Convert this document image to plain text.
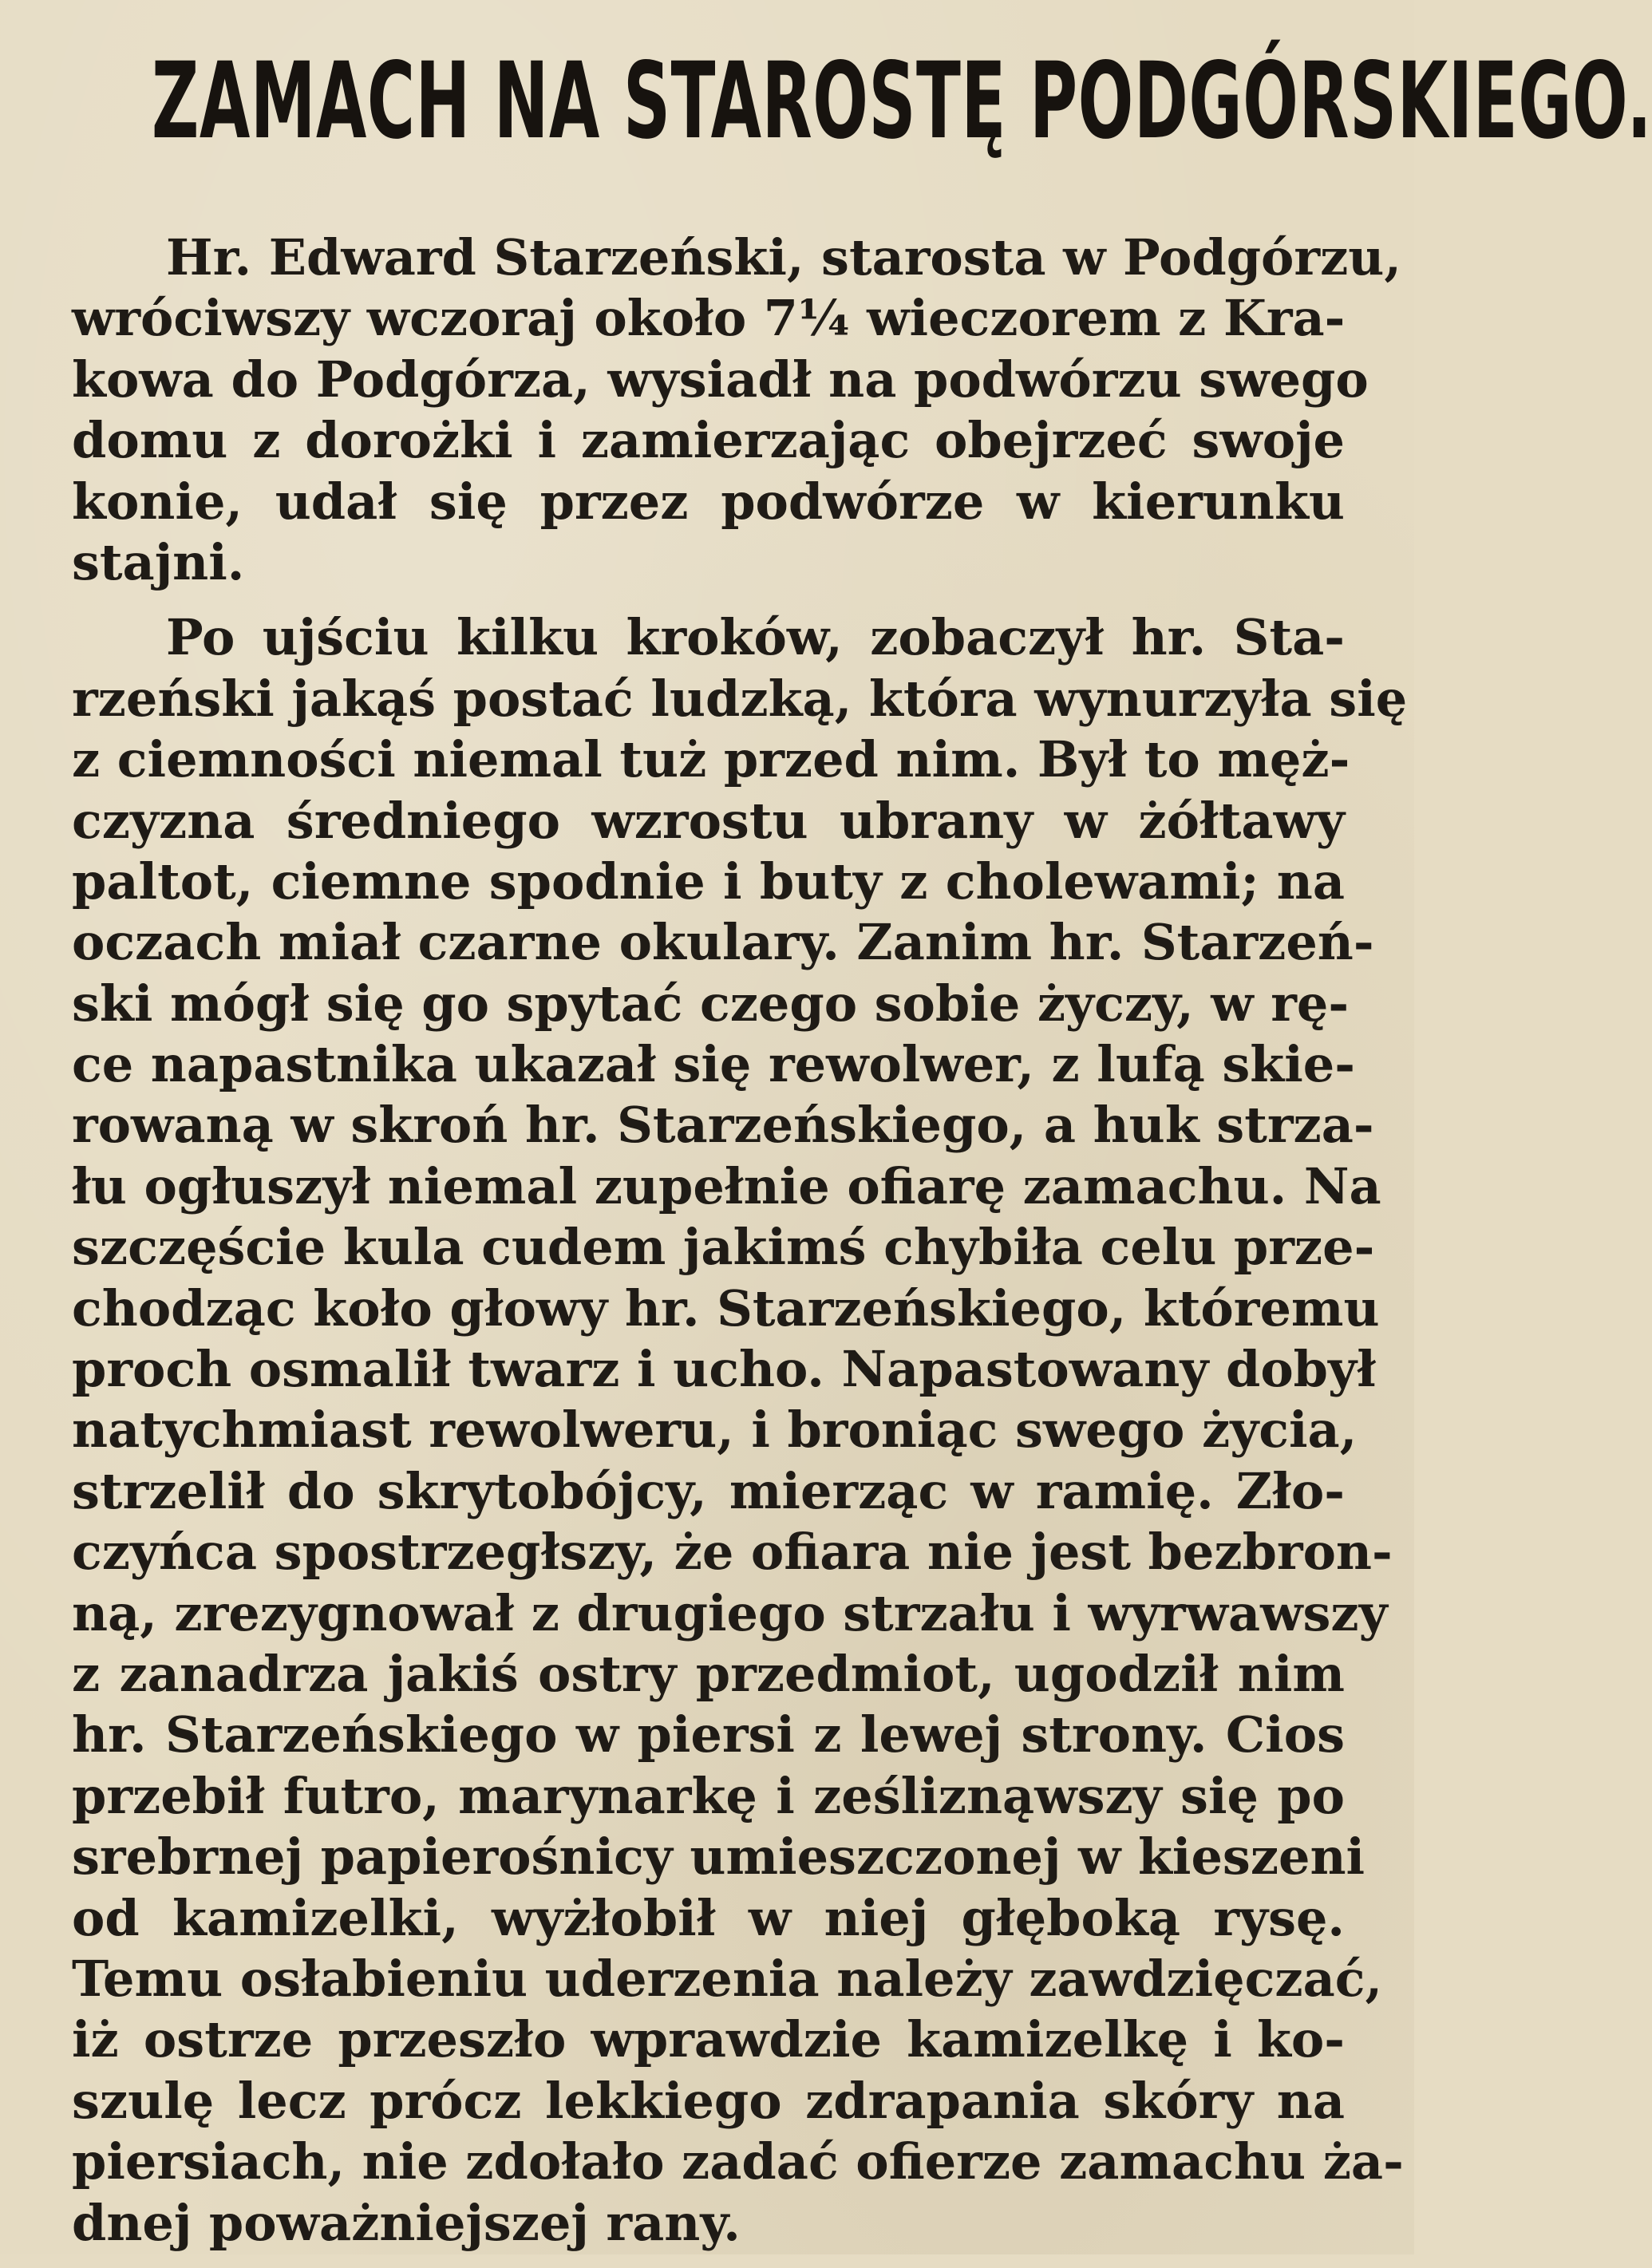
ZAMACH NA STAROSTĘ PODGÓRSKIEGO.
Hr. Edward Starzeński, starosta w Podgórzu,
wróciwszy wczoraj około 7¼ wieczorem z Kra-
kowa do Podgórza, wysiadł na podwórzu swego
domu z dorożki i zamierzając obejrzeć swoje
konie, udał się przez podwórze w kierunku
stajni.
Po ujściu kilku kroków, zobaczył hr. Sta-
rzeński jakąś postać ludzką, która wynurzyła się
z ciemności niemal tuż przed nim. Był to męż-
czyzna średniego wzrostu ubrany w żółtawy
paltot, ciemne spodnie i buty z cholewami; na
oczach miał czarne okulary. Zanim hr. Starzeń-
ski mógł się go spytać czego sobie życzy, w rę-
ce napastnika ukazał się rewolwer, z lufą skie-
rowaną w skroń hr. Starzeńskiego, a huk strza-
łu ogłuszył niemal zupełnie ofiarę zamachu. Na
szczęście kula cudem jakimś chybiła celu prze-
chodząc koło głowy hr. Starzeńskiego, któremu
proch osmalił twarz i ucho. Napastowany dobył
natychmiast rewolweru, i broniąc swego życia,
strzelił do skrytobójcy, mierząc w ramię. Zło-
czyńca spostrzegłszy, że ofiara nie jest bezbron-
ną, zrezygnował z drugiego strzału i wyrwawszy
z zanadrza jakiś ostry przedmiot, ugodził nim
hr. Starzeńskiego w piersi z lewej strony. Cios
przebił futro, marynarkę i ześliznąwszy się po
srebrnej papierośnicy umieszczonej w kieszeni
od kamizelki, wyżłobił w niej głęboką rysę.
Temu osłabieniu uderzenia należy zawdzięczać,
iż ostrze przeszło wprawdzie kamizelkę i ko-
szulę lecz prócz lekkiego zdrapania skóry na
piersiach, nie zdołało zadać ofierze zamachu ża-
dnej poważniejszej rany.
